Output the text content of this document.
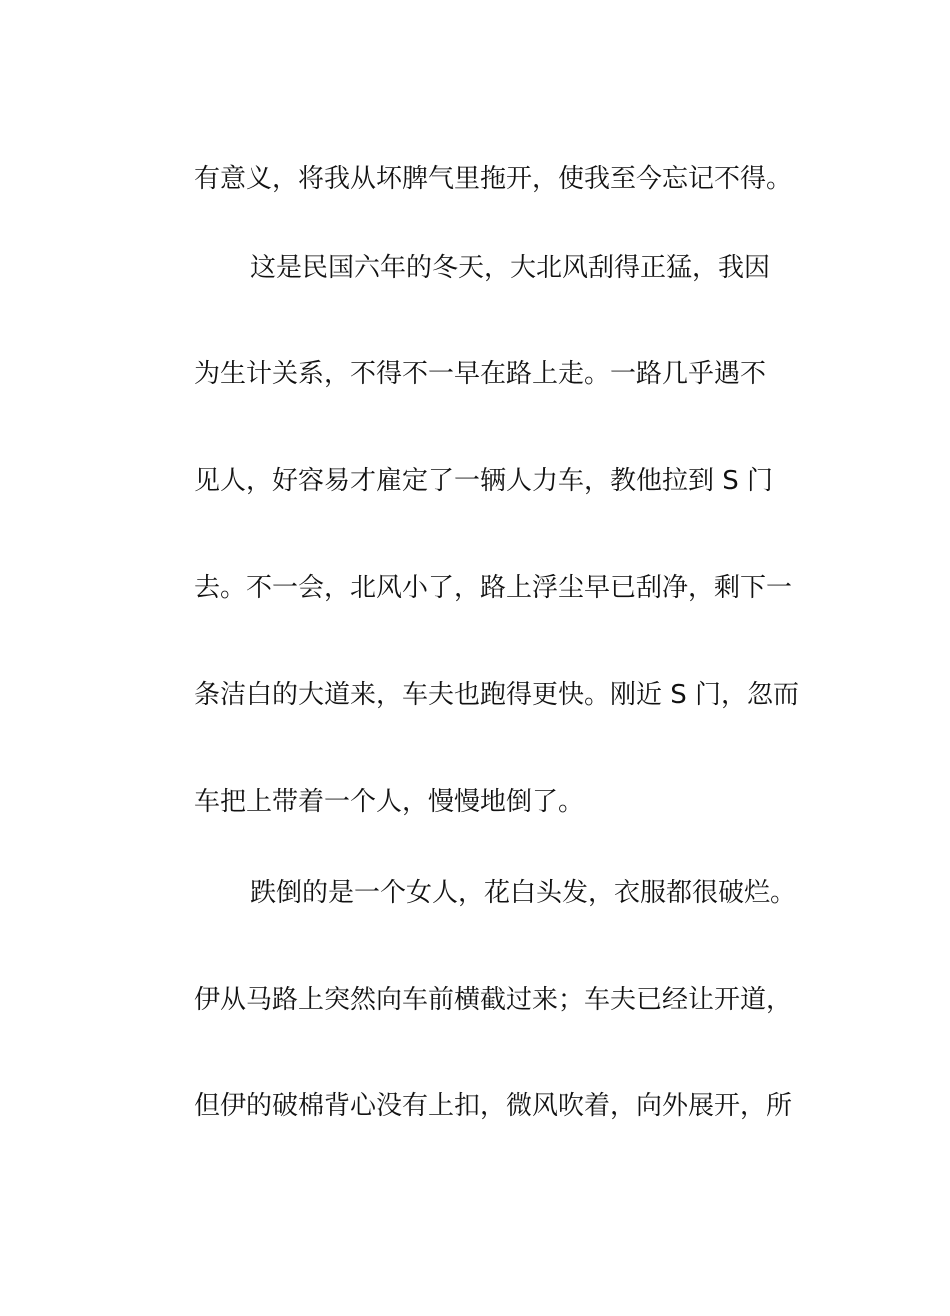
有意义，将我从坏脾气里拖开，使我至今忘记不得。
这是民国六年的冬天，大北风刮得正猛，我因
为生计关系，不得不一早在路上走。一路几乎遇不
见人，好容易才雇定了一辆人力车，教他拉到 S 门
去。不一会，北风小了，路上浮尘早已刮净，剩下一
条洁白的大道来，车夫也跑得更快。刚近 S 门，忽而
车把上带着一个人，慢慢地倒了。
跌倒的是一个女人，花白头发，衣服都很破烂。
伊从马路上突然向车前横截过来；车夫已经让开道，
但伊的破棉背心没有上扣，微风吹着，向外展开，所
